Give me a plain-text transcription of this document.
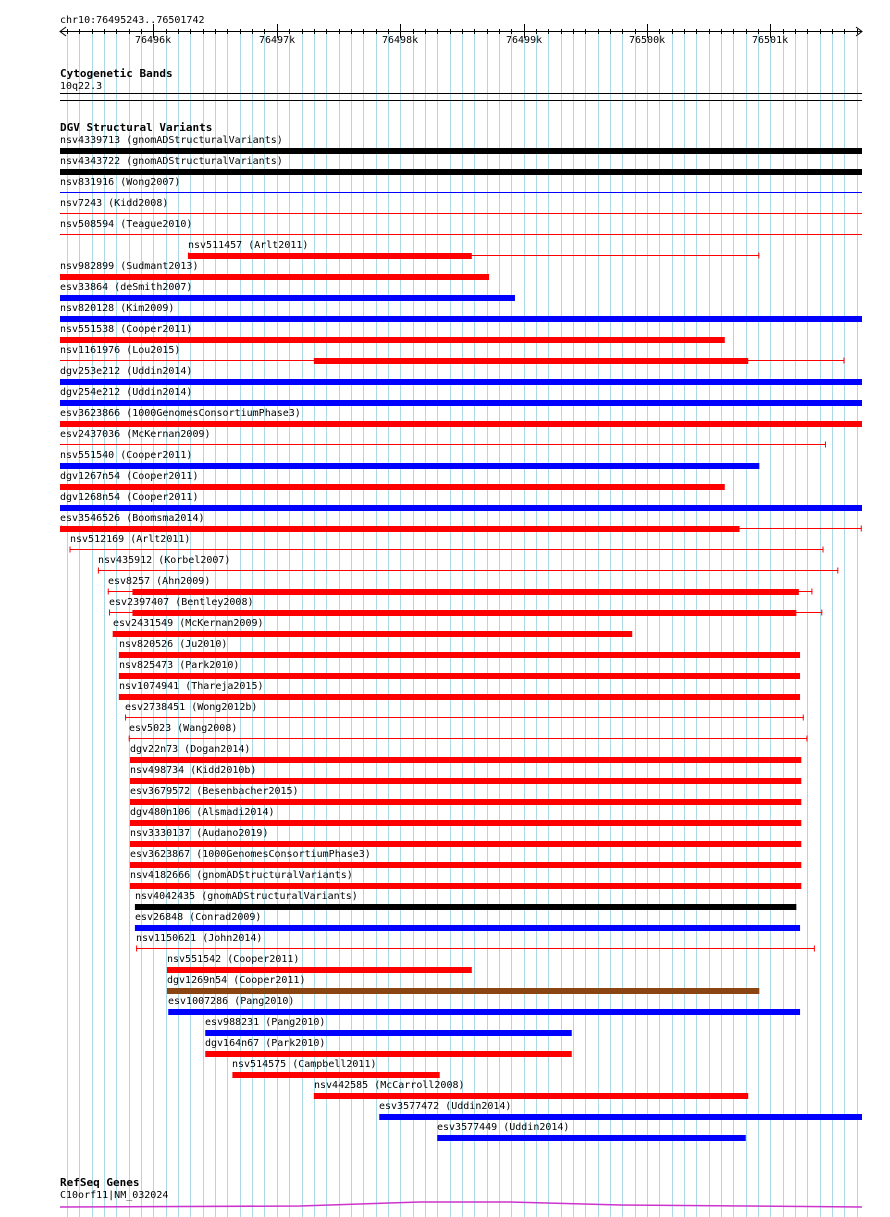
chr10:76495243..76501742
76496k	76497k	76498k	76499k	76500k	76501k
Cytogenetic Bands
10q22.3
DGV Structural Variants
nsv4339713 (gnomADStructuralVariants)
nsv4343722 (gnomADStructuralVariants)
nsv831916 (Wong2007)
nsv7243 (Kidd2008)
nsv508594 (Teague2010)
nsv511457 (Arlt2011)
nsv982899 (Sudmant2013)
esv33864 (deSmith2007)
nsv820128 (Kim2009)
nsv551538 (Cooper2011)
nsv1161976 (Lou2015)
dgv253e212 (Uddin2014)
dgv254e212 (Uddin2014)
esv3623866 (1000GenomesConsortiumPhase3)
esv2437036 (McKernan2009)
nsv551540 (Cooper2011)
dgv1267n54 (Cooper2011)
dgv1268n54 (Cooper2011)
esv3546526 (Boomsma2014)
nsv512169 (Arlt2011)
nsv435912 (Korbel2007)
esv8257 (Ahn2009)
esv2397407 (Bentley2008)
esv2431549 (McKernan2009)
nsv820526 (Ju2010)
nsv825473 (Park2010)
nsv1074941 (Thareja2015)
esv2738451 (Wong2012b)
esv5023 (Wang2008)
dgv22n73 (Dogan2014)
nsv498734 (Kidd2010b)
esv3679572 (Besenbacher2015)
dgv480n106 (Alsmadi2014)
nsv3330137 (Audano2019)
esv3623867 (1000GenomesConsortiumPhase3)
nsv4182666 (gnomADStructuralVariants)
nsv4042435 (gnomADStructuralVariants)
esv26848 (Conrad2009)
nsv1150621 (John2014)
nsv551542 (Cooper2011)
dgv1269n54 (Cooper2011)
esv1007286 (Pang2010)
esv988231 (Pang2010)
dgv164n67 (Park2010)
nsv514575 (Campbell2011)
nsv442585 (McCarroll2008)
esv3577472 (Uddin2014)
esv3577449 (Uddin2014)
RefSeq Genes
C10orf11|NM_032024
